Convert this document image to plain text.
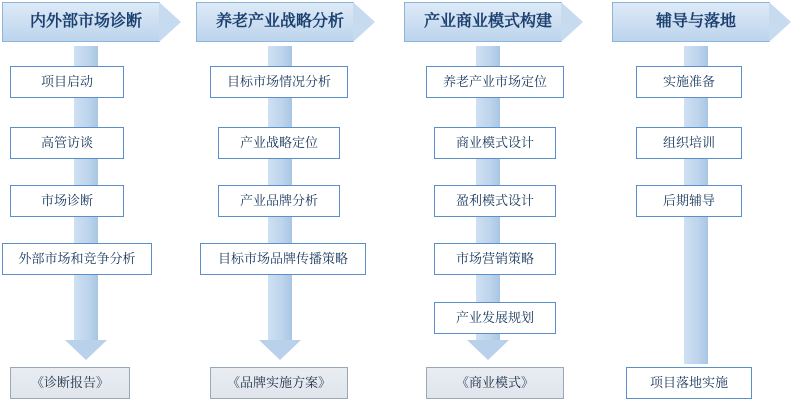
内外部市场诊断
项目启动
高管访谈
市场诊断
外部市场和竞争分析
《诊断报告》
养老产业战略分析
目标市场情况分析
产业战略定位
产业品牌分析
目标市场品牌传播策略
《品牌实施方案》
产业商业模式构建
养老产业市场定位
商业模式设计
盈利模式设计
市场营销策略
产业发展规划
《商业模式》
辅导与落地
实施准备
组织培训
后期辅导
项目落地实施
